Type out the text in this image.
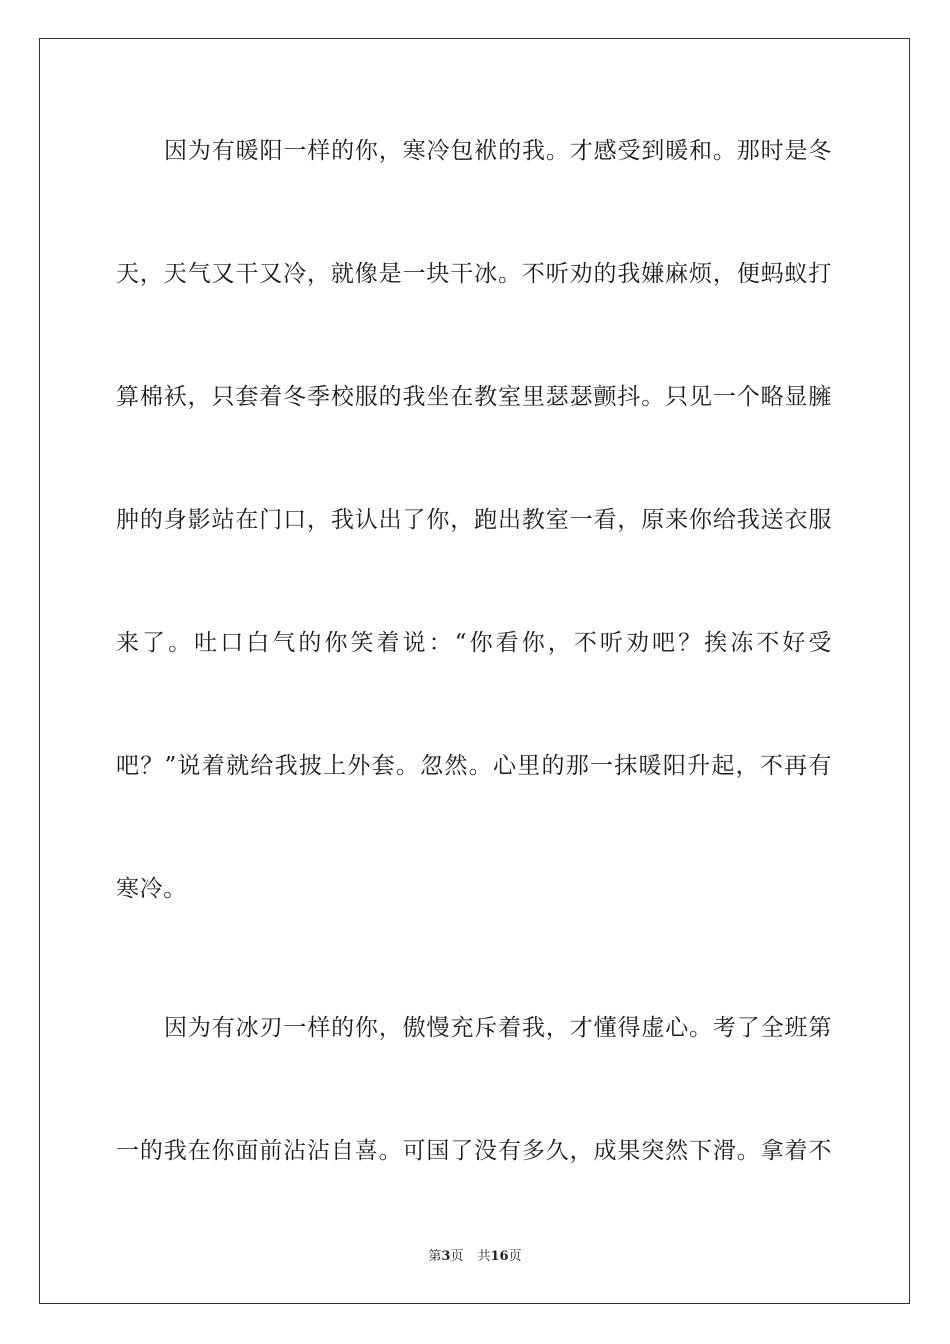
因为有暖阳一样的你，寒冷包袱的我。才感受到暖和。那时是冬
天，天气又干又冷，就像是一块干冰。不听劝的我嫌麻烦，便蚂蚁打
算棉袄，只套着冬季校服的我坐在教室里瑟瑟颤抖。只见一个略显臃
肿的身影站在门口，我认出了你，跑出教室一看，原来你给我送衣服
来了。吐口白气的你笑着说：“你看你，不听劝吧？挨冻不好受
吧？”说着就给我披上外套。忽然。心里的那一抹暖阳升起，不再有
寒冷。
因为有冰刃一样的你，傲慢充斥着我，才懂得虚心。考了全班第
一的我在你面前沾沾自喜。可国了没有多久，成果突然下滑。拿着不
第3页 共16页
